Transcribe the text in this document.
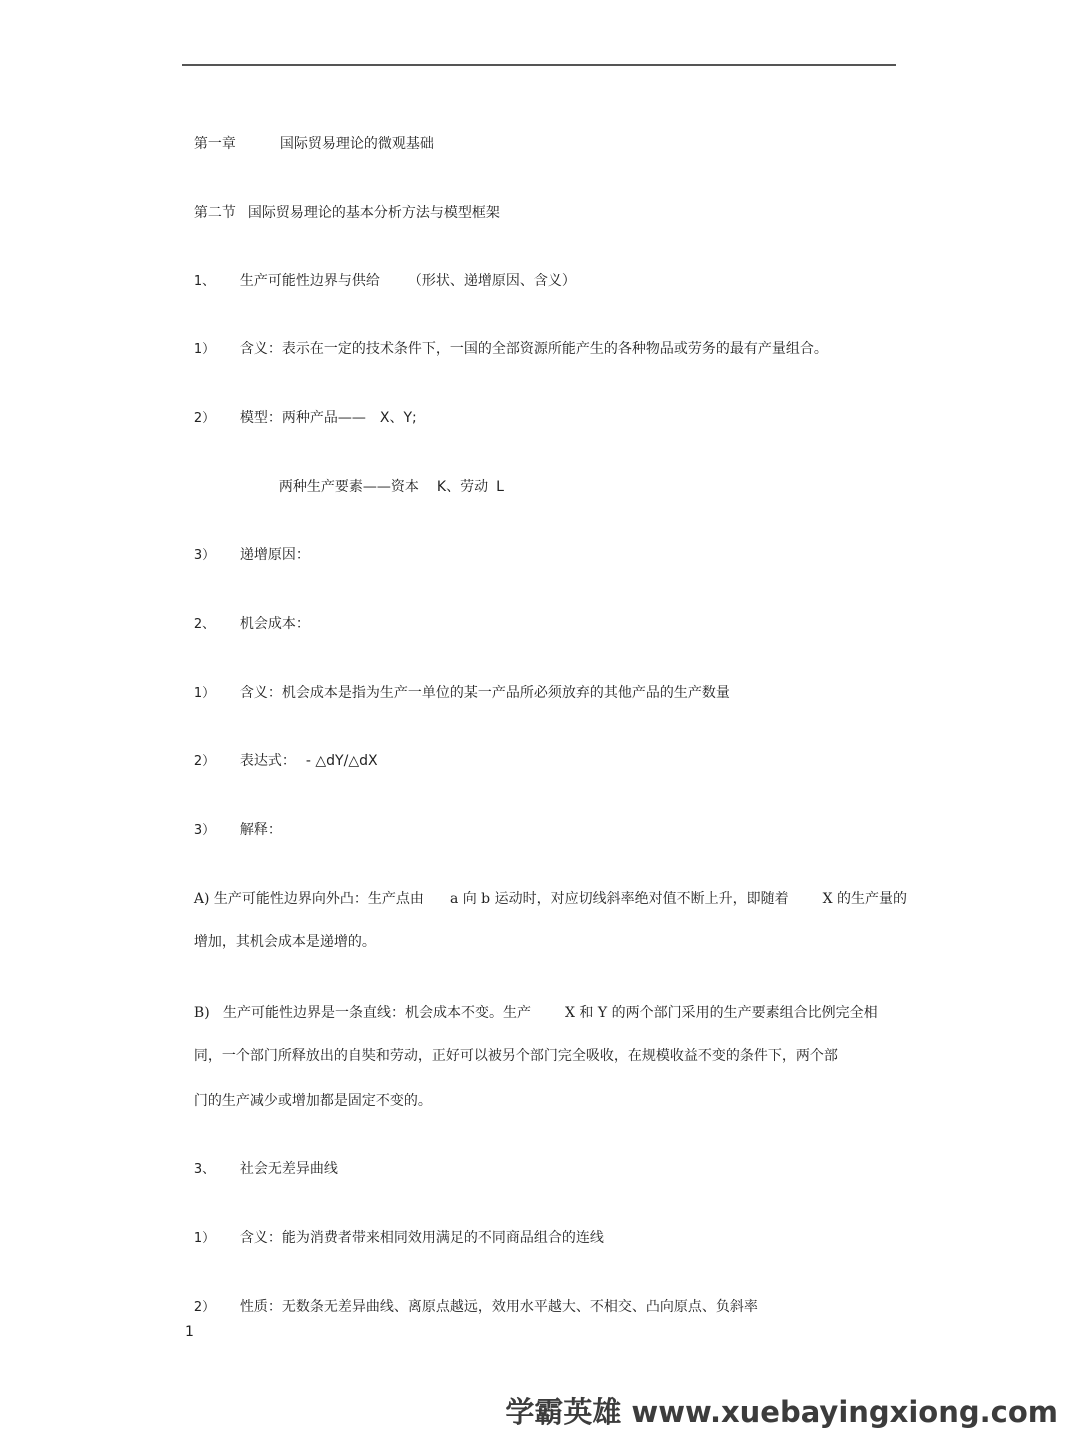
第一章	国际贸易理论的微观基础

第二节 国际贸易理论的基本分析方法与模型框架

1、 生产可能性边界与供给 （形状、递增原因、含义）

1） 含义：表示在一定的技术条件下，一国的全部资源所能产生的各种物品或劳务的最有产量组合。

2） 模型：两种产品—— X、Y;

两种生产要素——资本 K、劳动 L

3） 递增原因：

2、 机会成本：

1） 含义：机会成本是指为生产一单位的某一产品所必须放弃的其他产品的生产数量

2） 表达式： - △dY/△dX

3） 解释：

A) 生产可能性边界向外凸：生产点由 a 向 b 运动时，对应切线斜率绝对值不断上升，即随着 X 的生产量的

增加，其机会成本是递增的。

B)   生产可能性边界是一条直线：机会成本不变。生产 X 和 Y 的两个部门采用的生产要素组合比例完全相

同，一个部门所释放出的自奘和劳动，正好可以被另个部门完全吸收，在规模收益不变的条件下，两个部

门的生产减少或增加都是固定不变的。

3、 社会无差异曲线

1） 含义：能为消费者带来相同效用满足的不同商品组合的连线

2） 性质：无数条无差异曲线、离原点越远，效用水平越大、不相交、凸向原点、负斜率

1
学霸英雄 www.xuebayingxiong.com
